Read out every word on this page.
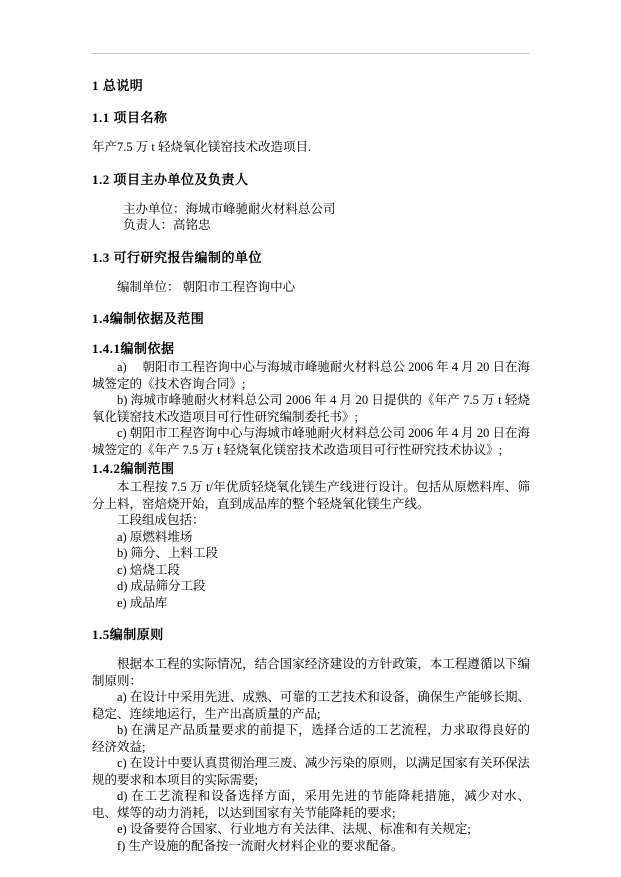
1 总说明
1.1 项目名称
年产7.5 万 t 轻烧氧化镁窑技术改造项目.
1.2 项目主办单位及负责人
主办单位：海城市峰驰耐火材料总公司
负责人：高铭忠
1.3 可行研究报告编制的单位
编制单位： 朝阳市工程咨询中心
1.4编制依据及范围
1.4.1编制依据
a)　 朝阳市工程咨询中心与海城市峰驰耐火材料总公 2006 年 4 月 20 日在海城签定的《技术咨询合同》;
b) 海城市峰驰耐火材料总公司 2006 年 4 月 20 日提供的《年产 7.5 万 t 轻烧氧化镁窑技术改造项目可行性研究编制委托书》;
c) 朝阳市工程咨询中心与海城市峰驰耐火材料总公司 2006 年 4 月 20 日在海城签定的《年产 7.5 万 t 轻烧氧化镁窑技术改造项目可行性研究技术协议》;
1.4.2编制范围
本工程按 7.5 万 t/年优质轻烧氧化镁生产线进行设计。包括从原燃料库、筛分上料，窑焙烧开始，直到成品库的整个轻烧氧化镁生产线。
工段组成包括：
a) 原燃料堆场
b) 筛分、上料工段
c) 焙烧工段
d) 成品筛分工段
e) 成品库
1.5编制原则
根据本工程的实际情况，结合国家经济建设的方针政策，本工程遵循以下编制原则：
a) 在设计中采用先进、成熟、可靠的工艺技术和设备，确保生产能够长期、稳定、连续地运行，生产出高质量的产品;
b) 在满足产品质量要求的前提下，选择合适的工艺流程，力求取得良好的经济效益;
c) 在设计中要认真贯彻治理三废、减少污染的原则，以满足国家有关环保法规的要求和本项目的实际需要;
d) 在工艺流程和设备选择方面，采用先进的节能降耗措施，减少对水、电、煤等的动力消耗，以达到国家有关节能降耗的要求;
e) 设备要符合国家、行业地方有关法律、法规、标准和有关规定;
f) 生产设施的配备按一流耐火材料企业的要求配备。
